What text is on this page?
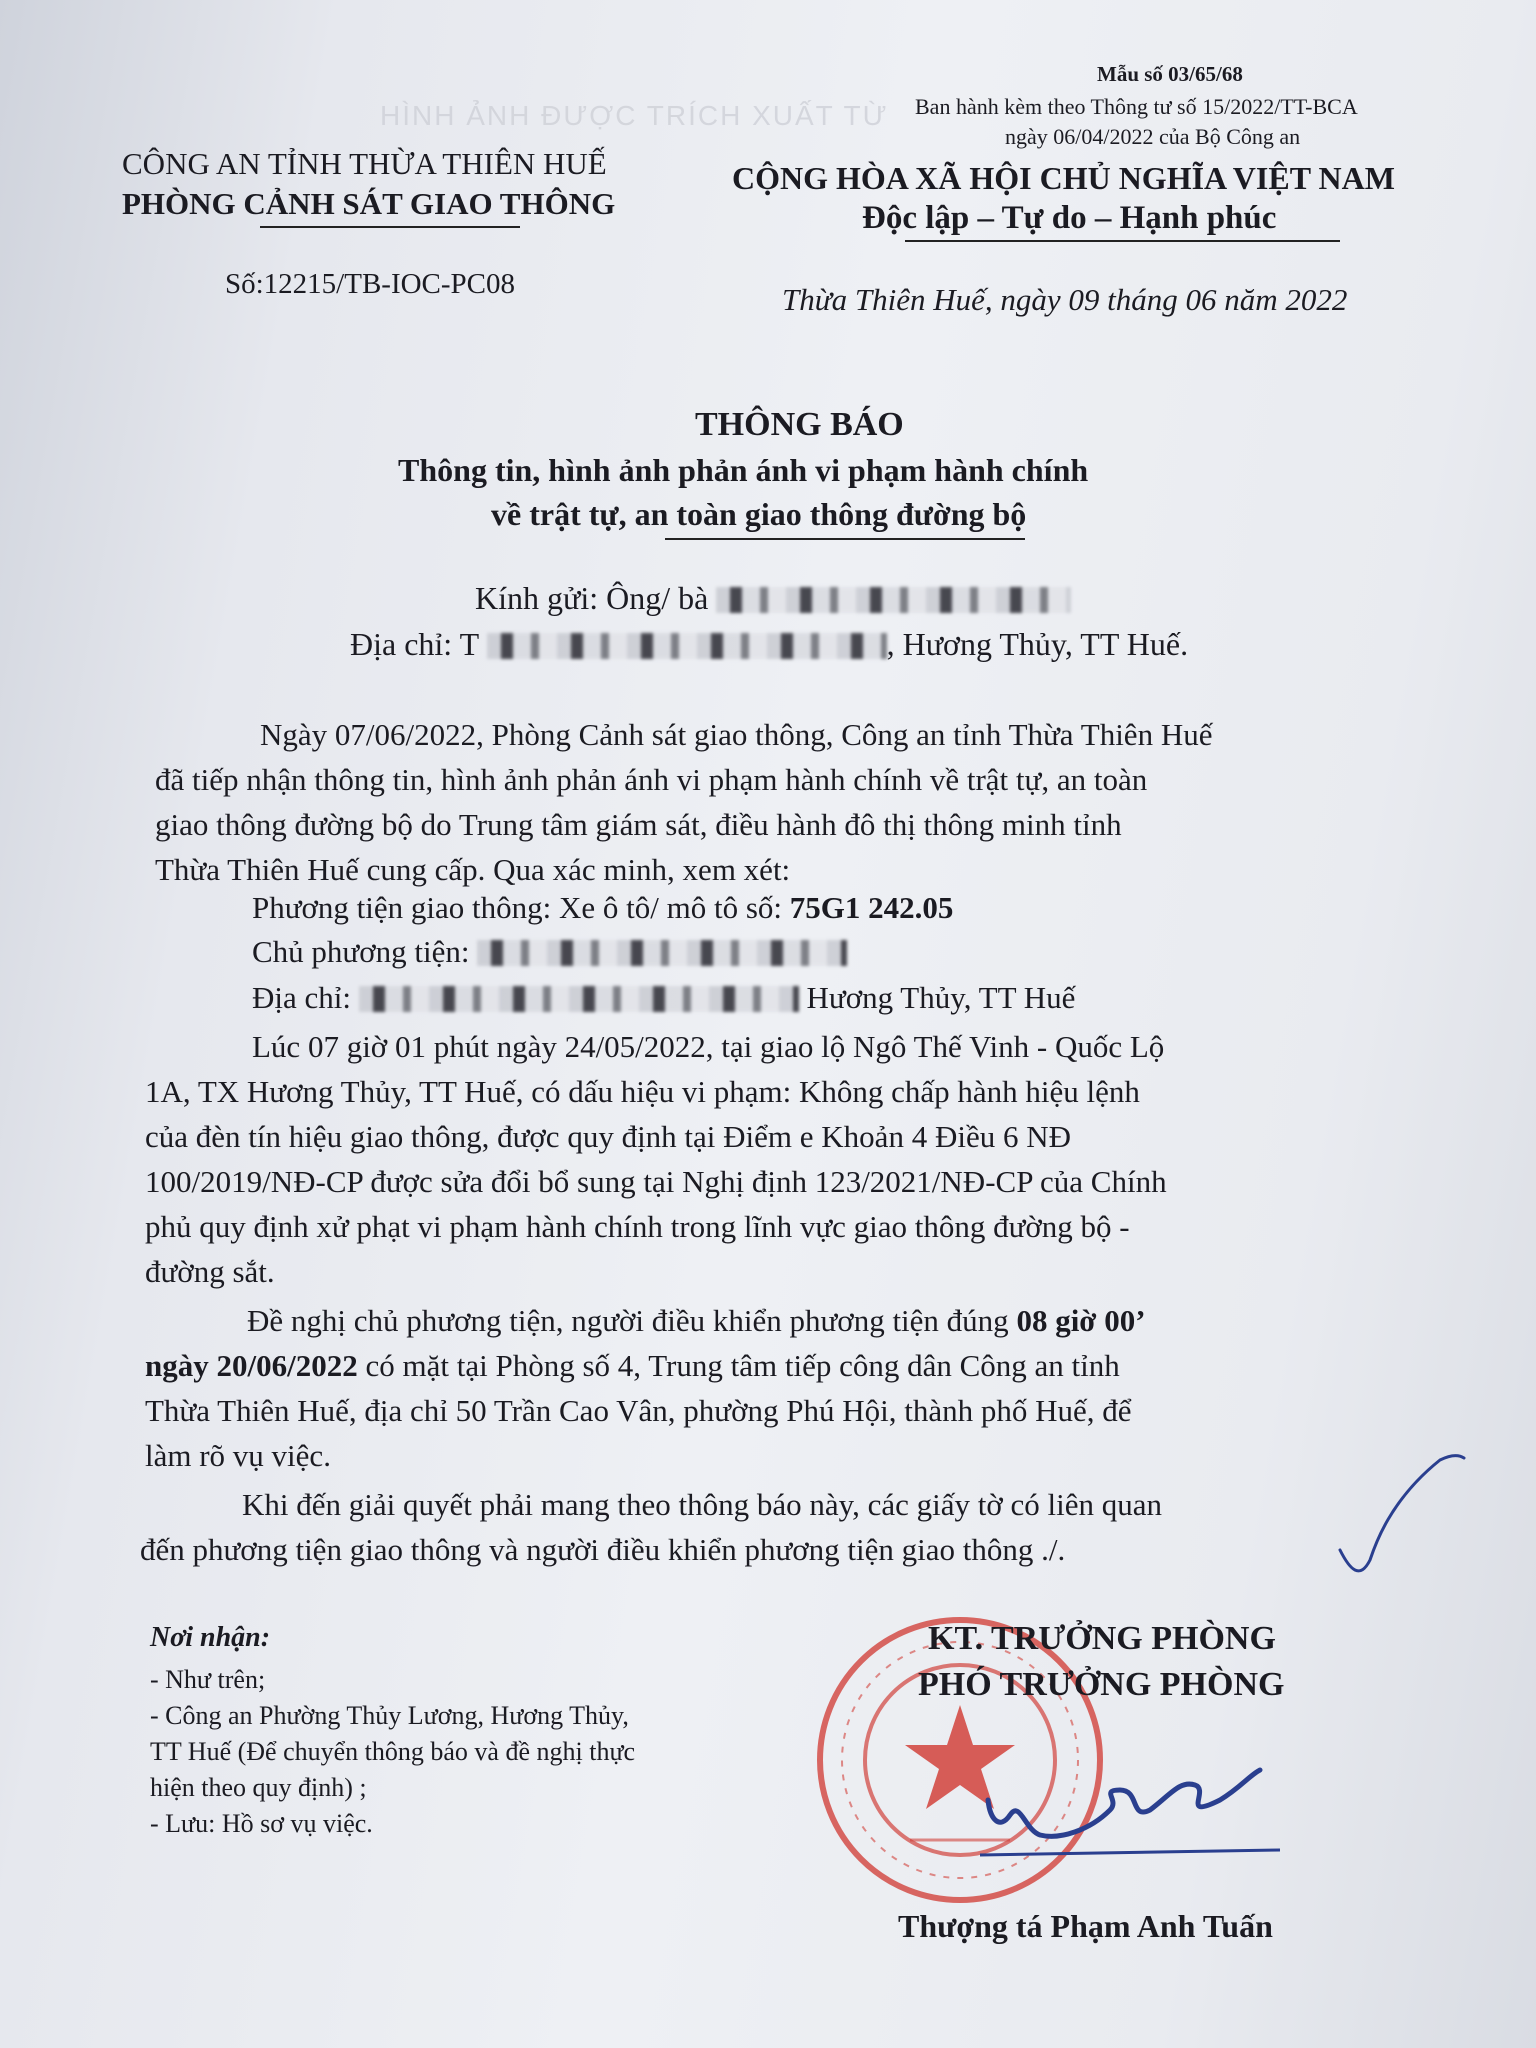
HÌNH ẢNH ĐƯỢC TRÍCH XUẤT TỪ
Mẫu số 03/65/68
Ban hành kèm theo Thông tư số 15/2022/TT-BCA
ngày 06/04/2022 của Bộ Công an
CÔNG AN TỈNH THỪA THIÊN HUẾ
PHÒNG CẢNH SÁT GIAO THÔNG
Số:12215/TB-IOC-PC08
CỘNG HÒA XÃ HỘI CHỦ NGHĨA VIỆT NAM
Độc lập – Tự do – Hạnh phúc
Thừa Thiên Huế, ngày 09 tháng 06 năm 2022
THÔNG BÁO
Thông tin, hình ảnh phản ánh vi phạm hành chính
về trật tự, an toàn giao thông đường bộ
Kính gửi: Ông/ bà
Địa chỉ: T	, Hương Thủy, TT Huế.
Ngày 07/06/2022, Phòng Cảnh sát giao thông, Công an tỉnh Thừa Thiên Huế
đã tiếp nhận thông tin, hình ảnh phản ánh vi phạm hành chính về trật tự, an toàn
giao thông đường bộ do Trung tâm giám sát, điều hành đô thị thông minh tỉnh
Thừa Thiên Huế cung cấp. Qua xác minh, xem xét:
Phương tiện giao thông: Xe ô tô/ mô tô số: 75G1 242.05
Chủ phương tiện:
Địa chỉ:	Hương Thủy, TT Huế
Lúc 07 giờ 01 phút ngày 24/05/2022, tại giao lộ Ngô Thế Vinh - Quốc Lộ
1A, TX Hương Thủy, TT Huế, có dấu hiệu vi phạm: Không chấp hành hiệu lệnh
của đèn tín hiệu giao thông, được quy định tại Điểm e Khoản 4 Điều 6 NĐ
100/2019/NĐ-CP được sửa đổi bổ sung tại Nghị định 123/2021/NĐ-CP của Chính
phủ quy định xử phạt vi phạm hành chính trong lĩnh vực giao thông đường bộ -
đường sắt.
Đề nghị chủ phương tiện, người điều khiển phương tiện đúng 08 giờ 00’
ngày 20/06/2022 có mặt tại Phòng số 4, Trung tâm tiếp công dân Công an tỉnh
Thừa Thiên Huế, địa chỉ 50 Trần Cao Vân, phường Phú Hội, thành phố Huế, để
làm rõ vụ việc.
Khi đến giải quyết phải mang theo thông báo này, các giấy tờ có liên quan
đến phương tiện giao thông và người điều khiển phương tiện giao thông ./.
Nơi nhận:
- Như trên;
- Công an Phường Thủy Lương, Hương Thủy,
TT Huế (Để chuyển thông báo và đề nghị thực
hiện theo quy định) ;
- Lưu: Hồ sơ vụ việc.
KT. TRƯỞNG PHÒNG
PHÓ TRƯỞNG PHÒNG
Thượng tá Phạm Anh Tuấn
